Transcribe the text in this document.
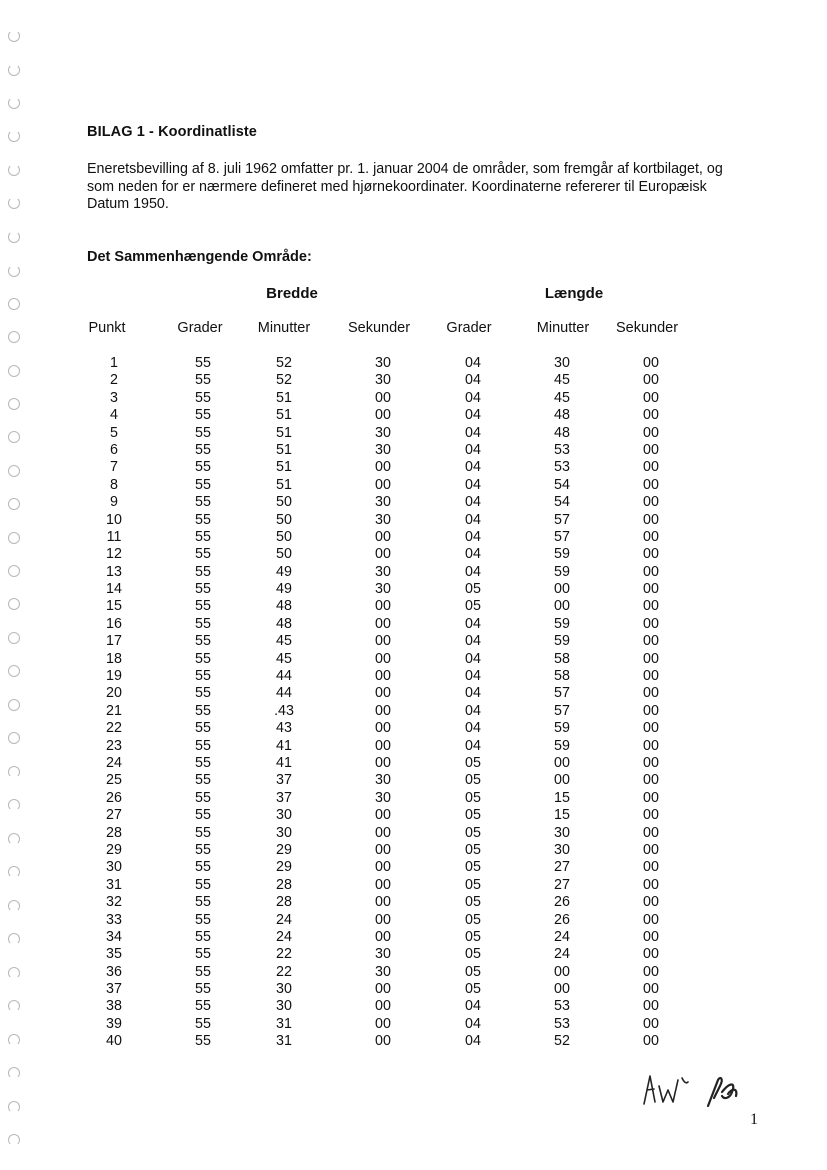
BILAG 1 - Koordinatliste
Eneretsbevilling af 8. juli 1962 omfatter pr. 1. januar 2004 de områder, som fremgår af kortbilaget, og
som neden for er nærmere defineret med hjørnekoordinater. Koordinaterne refererer til Europæisk
Datum 1950.
Det Sammenhængende Område:
Bredde	Længde
Punkt	Grader	Minutter	Sekunder	Grader	Minutter	Sekunder
1	55	52	30	04	30	00
2	55	52	30	04	45	00
3	55	51	00	04	45	00
4	55	51	00	04	48	00
5	55	51	30	04	48	00
6	55	51	30	04	53	00
7	55	51	00	04	53	00
8	55	51	00	04	54	00
9	55	50	30	04	54	00
10	55	50	30	04	57	00
11	55	50	00	04	57	00
12	55	50	00	04	59	00
13	55	49	30	04	59	00
14	55	49	30	05	00	00
15	55	48	00	05	00	00
16	55	48	00	04	59	00
17	55	45	00	04	59	00
18	55	45	00	04	58	00
19	55	44	00	04	58	00
20	55	44	00	04	57	00
21	55	.43	00	04	57	00
22	55	43	00	04	59	00
23	55	41	00	04	59	00
24	55	41	00	05	00	00
25	55	37	30	05	00	00
26	55	37	30	05	15	00
27	55	30	00	05	15	00
28	55	30	00	05	30	00
29	55	29	00	05	30	00
30	55	29	00	05	27	00
31	55	28	00	05	27	00
32	55	28	00	05	26	00
33	55	24	00	05	26	00
34	55	24	00	05	24	00
35	55	22	30	05	24	00
36	55	22	30	05	00	00
37	55	30	00	05	00	00
38	55	30	00	04	53	00
39	55	31	00	04	53	00
40	55	31	00	04	52	00
1
